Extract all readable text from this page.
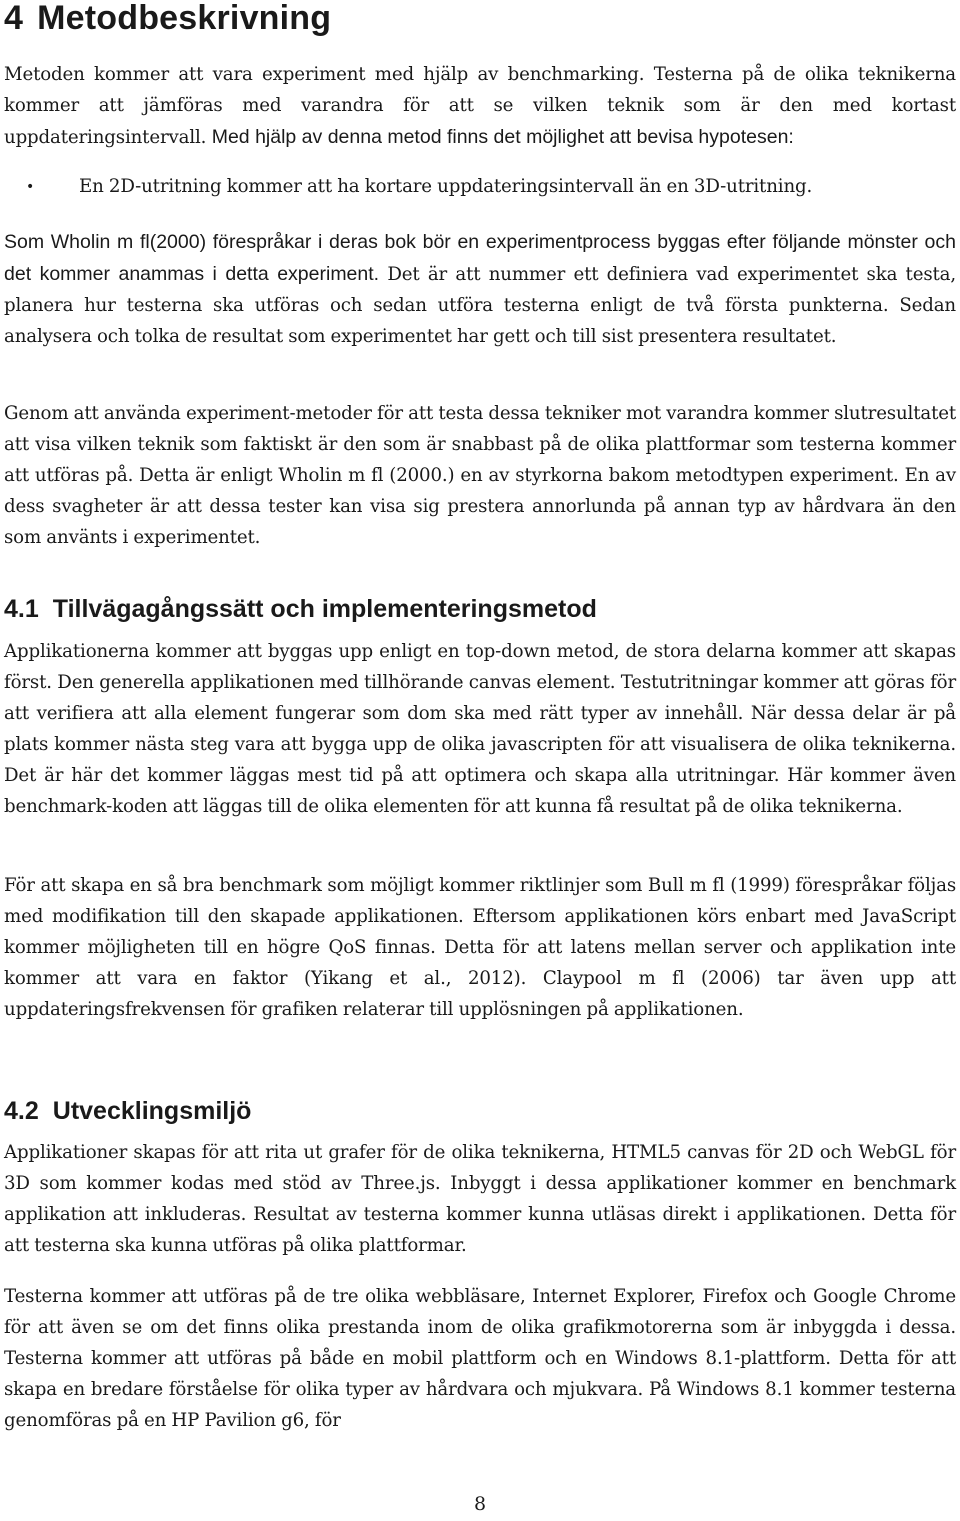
4 Metodbeskrivning

Metoden kommer att vara experiment med hjälp av benchmarking. Testerna på de olika teknikerna kommer att jämföras med varandra för att se vilken teknik som är den med kortast uppdateringsintervall. Med hjälp av denna metod finns det möjlighet att bevisa hypotesen:

• En 2D-utritning kommer att ha kortare uppdateringsintervall än en 3D-utritning.

Som Wholin m fl(2000) förespråkar i deras bok bör en experimentprocess byggas efter följande mönster och det kommer anammas i detta experiment. Det är att nummer ett definiera vad experimentet ska testa, planera hur testerna ska utföras och sedan utföra testerna enligt de två första punkterna. Sedan analysera och tolka de resultat som experimentet har gett och till sist presentera resultatet.

Genom att använda experiment-metoder för att testa dessa tekniker mot varandra kommer slutresultatet att visa vilken teknik som faktiskt är den som är snabbast på de olika plattformar som testerna kommer att utföras på. Detta är enligt Wholin m fl (2000.) en av styrkorna bakom metodtypen experiment. En av dess svagheter är att dessa tester kan visa sig prestera annorlunda på annan typ av hårdvara än den som använts i experimentet.

4.1 Tillvägagångssätt och implementeringsmetod

Applikationerna kommer att byggas upp enligt en top-down metod, de stora delarna kommer att skapas först. Den generella applikationen med tillhörande canvas element. Testutritningar kommer att göras för att verifiera att alla element fungerar som dom ska med rätt typer av innehåll. När dessa delar är på plats kommer nästa steg vara att bygga upp de olika javascripten för att visualisera de olika teknikerna. Det är här det kommer läggas mest tid på att optimera och skapa alla utritningar. Här kommer även benchmark-koden att läggas till de olika elementen för att kunna få resultat på de olika teknikerna.

För att skapa en så bra benchmark som möjligt kommer riktlinjer som Bull m fl (1999) förespråkar följas med modifikation till den skapade applikationen. Eftersom applikationen körs enbart med JavaScript kommer möjligheten till en högre QoS finnas. Detta för att latens mellan server och applikation inte kommer att vara en faktor (Yikang et al., 2012). Claypool m fl (2006) tar även upp att uppdateringsfrekvensen för grafiken relaterar till upplösningen på applikationen.

4.2 Utvecklingsmiljö

Applikationer skapas för att rita ut grafer för de olika teknikerna, HTML5 canvas för 2D och WebGL för 3D som kommer kodas med stöd av Three.js. Inbyggt i dessa applikationer kommer en benchmark applikation att inkluderas. Resultat av testerna kommer kunna utläsas direkt i applikationen. Detta för att testerna ska kunna utföras på olika plattformar.

Testerna kommer att utföras på de tre olika webbläsare, Internet Explorer, Firefox och Google Chrome för att även se om det finns olika prestanda inom de olika grafikmotorerna som är inbyggda i dessa. Testerna kommer att utföras på både en mobil plattform och en Windows 8.1-plattform. Detta för att skapa en bredare förståelse för olika typer av hårdvara och mjukvara. På Windows 8.1 kommer testerna genomföras på en HP Pavilion g6, för

8
